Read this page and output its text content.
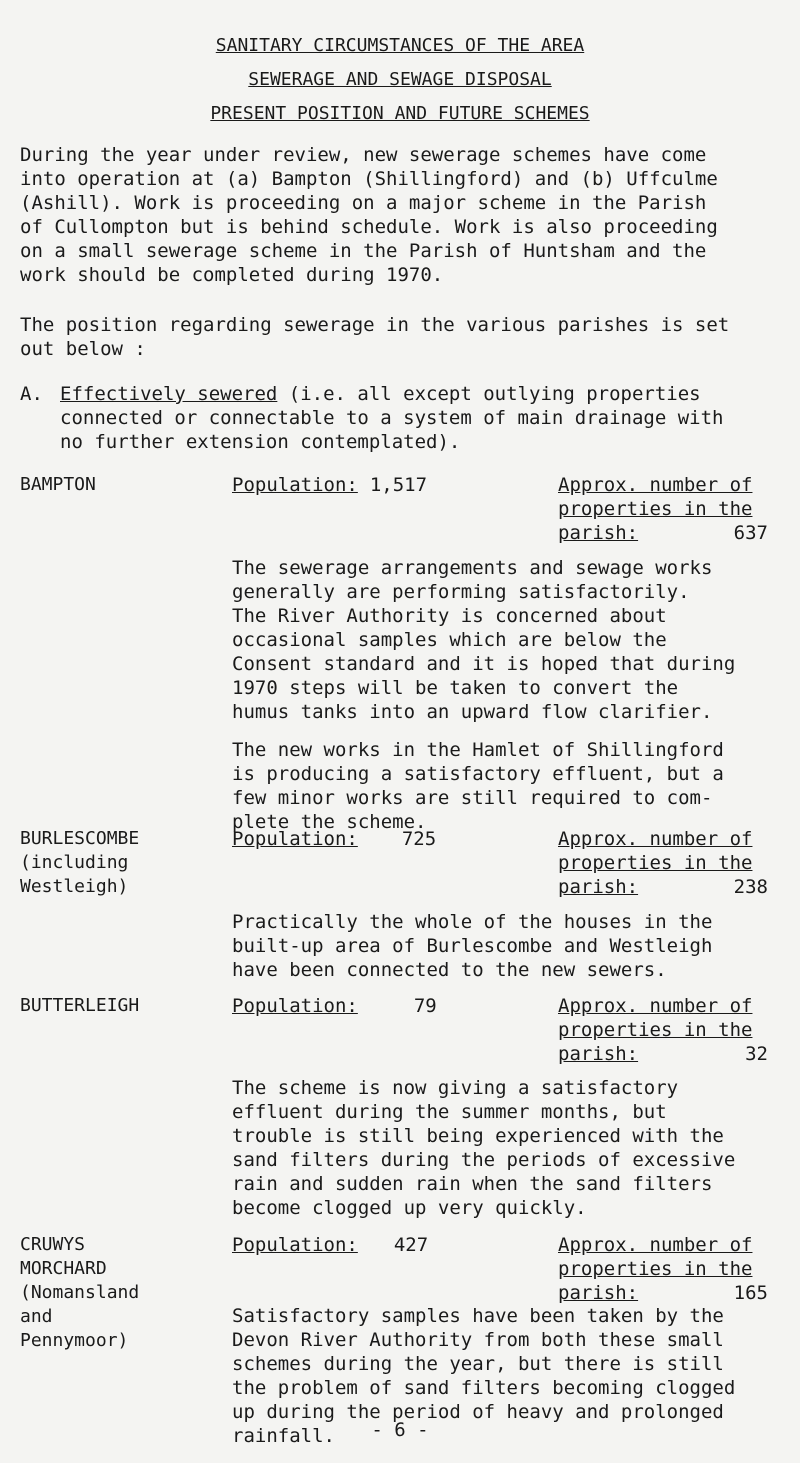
SANITARY CIRCUMSTANCES OF THE AREA
SEWERAGE AND SEWAGE DISPOSAL
PRESENT POSITION AND FUTURE SCHEMES
During the year under review, new sewerage schemes have come
into operation at (a) Bampton (Shillingford) and (b) Uffculme
(Ashill). Work is proceeding on a major scheme in the Parish
of Cullompton but is behind schedule. Work is also proceeding
on a small sewerage scheme in the Parish of Huntsham and the
work should be completed during 1970.
The position regarding sewerage in the various parishes is set
out below :
A. Effectively sewered (i.e. all except outlying properties
connected or connectable to a system of main drainage with
no further extension contemplated).
BAMPTON	Population: 1,517	Approx. number of
properties in the
parish:	637
The sewerage arrangements and sewage works
generally are performing satisfactorily.
The River Authority is concerned about
occasional samples which are below the
Consent standard and it is hoped that during
1970 steps will be taken to convert the
humus tanks into an upward flow clarifier.
The new works in the Hamlet of Shillingford
is producing a satisfactory effluent, but a
few minor works are still required to com-
plete the scheme.
BURLESCOMBE
(including
Westleigh)
Population: 725	Approx. number of
properties in the
parish:	238
Practically the whole of the houses in the
built-up area of Burlescombe and Westleigh
have been connected to the new sewers.
BUTTERLEIGH	Population:	79	Approx. number of
properties in the
parish:	32
The scheme is now giving a satisfactory
effluent during the summer months, but
trouble is still being experienced with the
sand filters during the periods of excessive
rain and sudden rain when the sand filters
become clogged up very quickly.
CRUWYS
MORCHARD
(Nomansland
and
Pennymoor)
Population: 427	Approx. number of
properties in the
parish:	165
Satisfactory samples have been taken by the
Devon River Authority from both these small
schemes during the year, but there is still
the problem of sand filters becoming clogged
up during the period of heavy and prolonged
rainfall.	- 6 -
